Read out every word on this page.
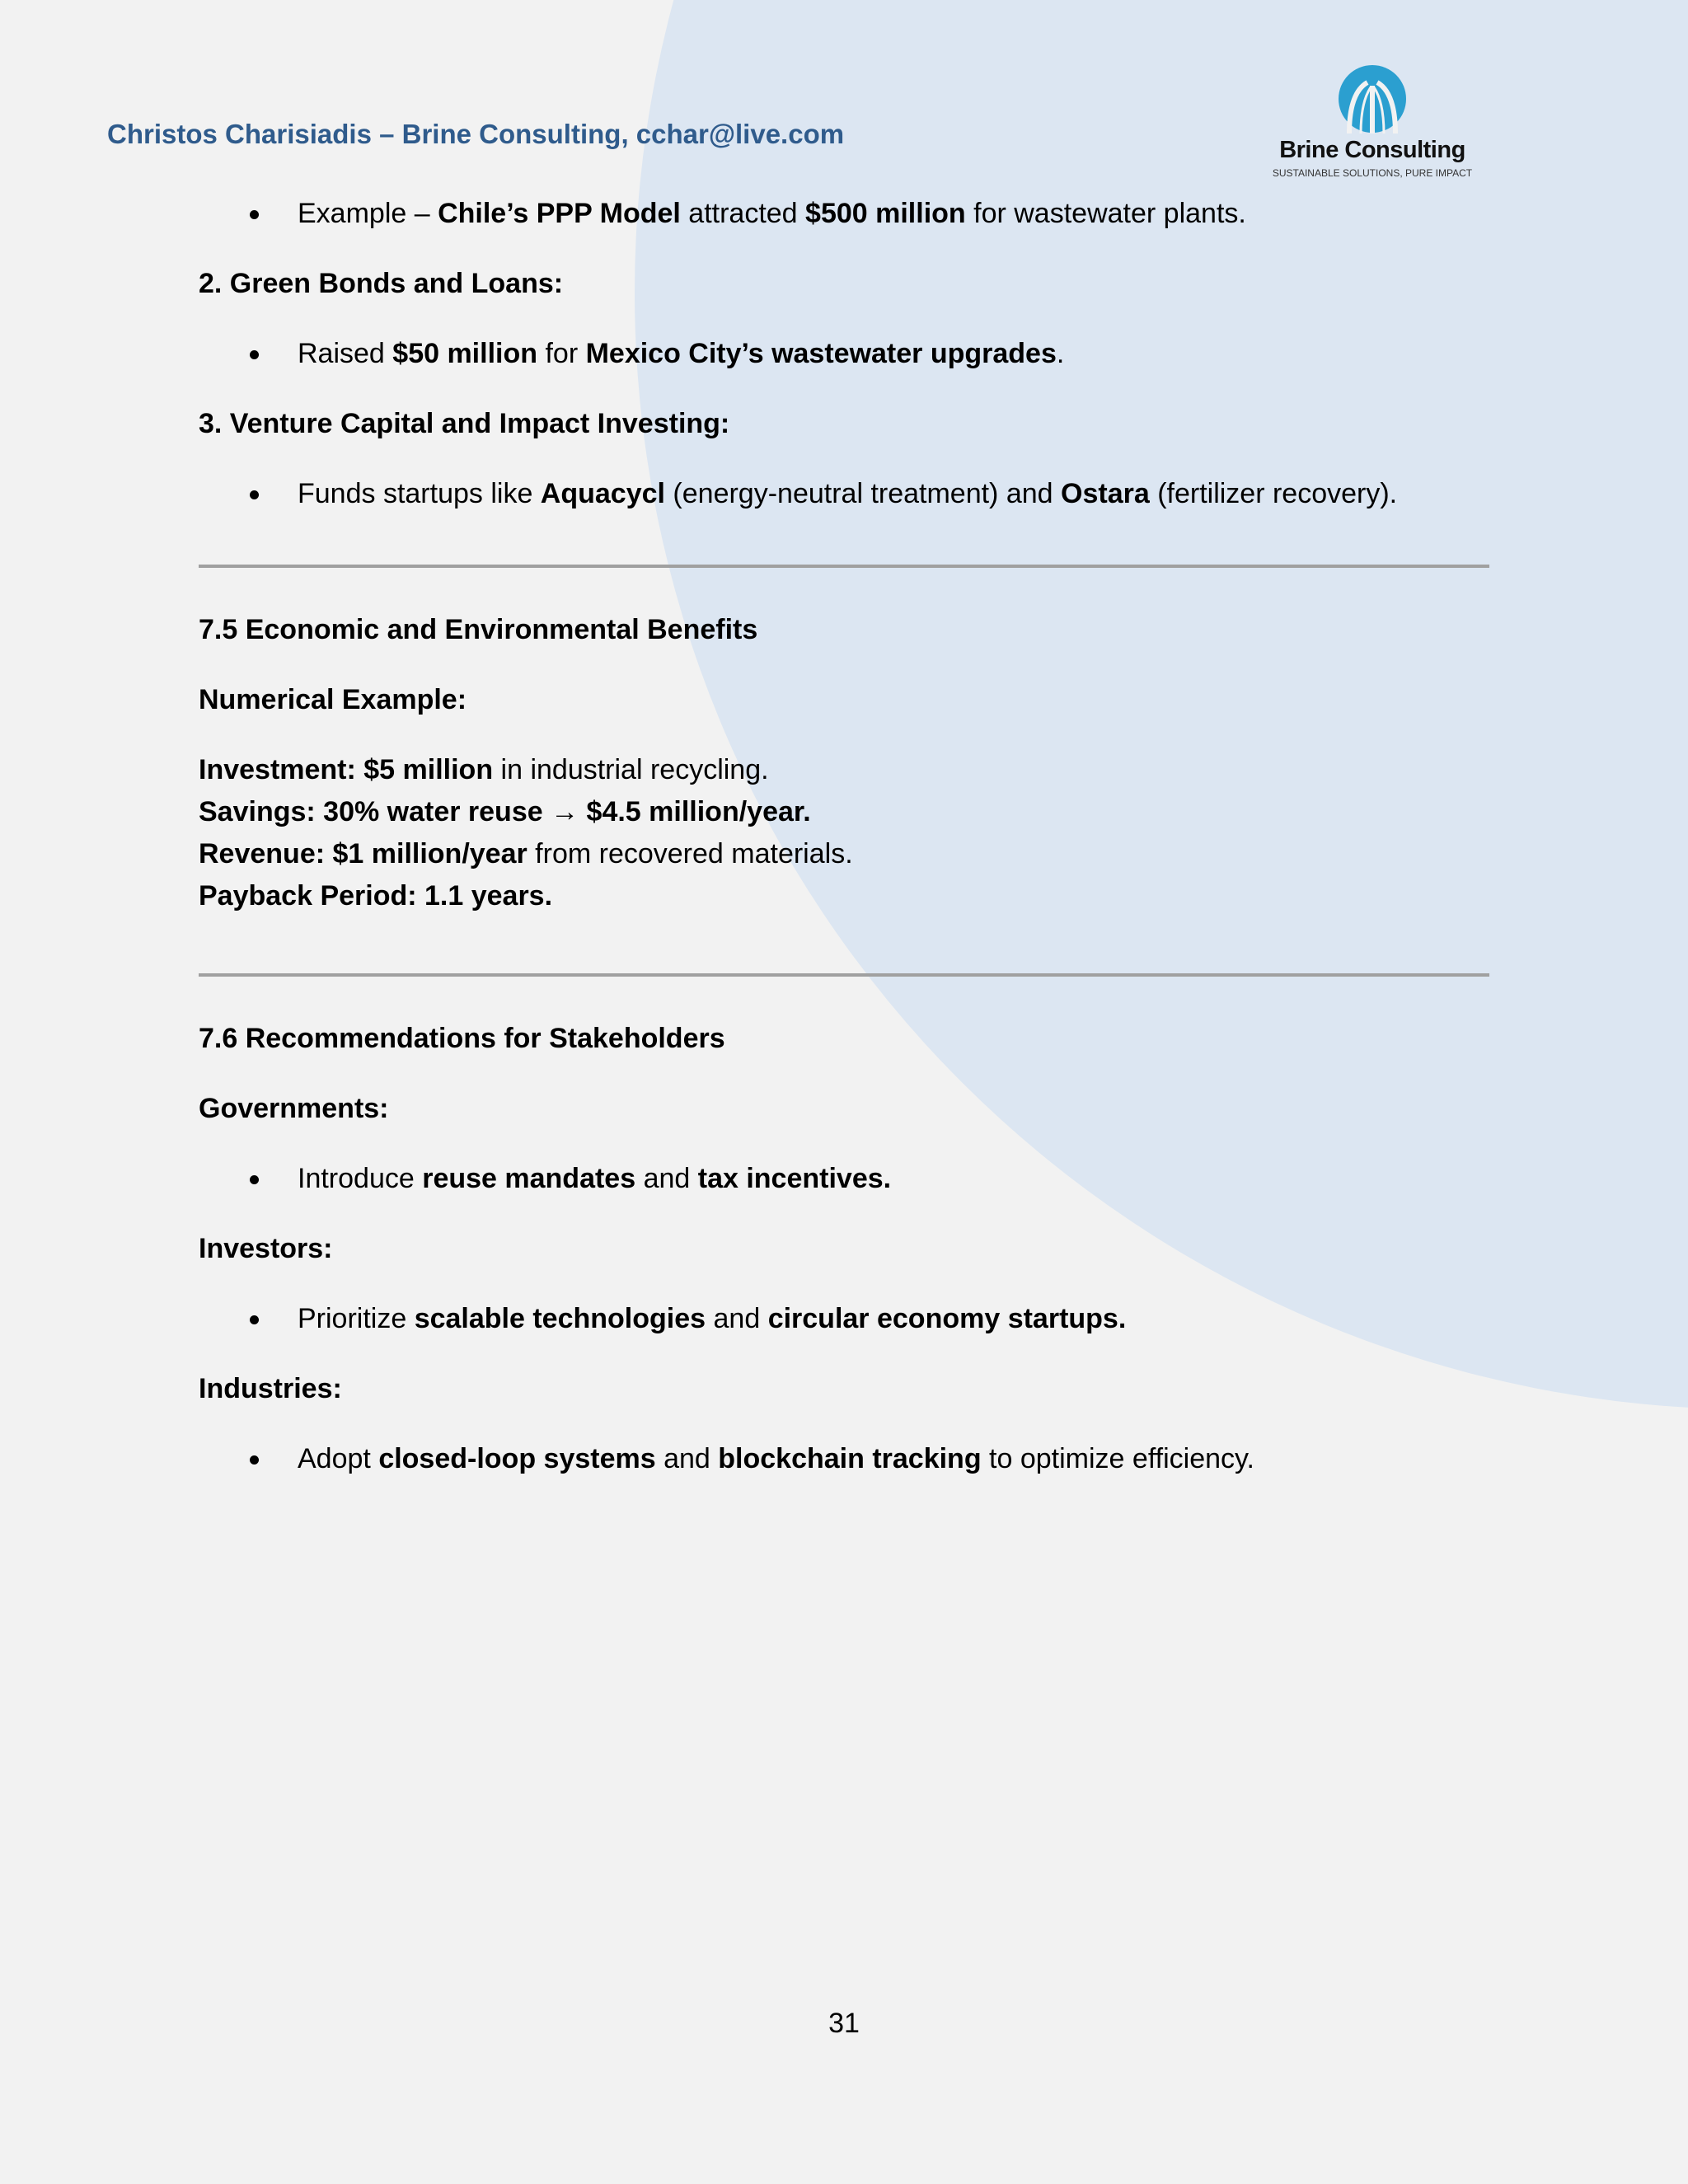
Christos Charisiadis – Brine Consulting, cchar@live.com
Brine Consulting
SUSTAINABLE SOLUTIONS, PURE IMPACT
Example – Chile’s PPP Model attracted $500 million for wastewater plants.
2. Green Bonds and Loans:
Raised $50 million for Mexico City’s wastewater upgrades.
3. Venture Capital and Impact Investing:
Funds startups like Aquacycl (energy-neutral treatment) and Ostara (fertilizer recovery).
7.5 Economic and Environmental Benefits
Numerical Example:

Investment: $5 million in industrial recycling.

Savings: 30% water reuse → $4.5 million/year.

Revenue: $1 million/year from recovered materials.

Payback Period: 1.1 years.

7.6 Recommendations for Stakeholders
Governments:
Introduce reuse mandates and tax incentives.
Investors:
Prioritize scalable technologies and circular economy startups.
Industries:
Adopt closed-loop systems and blockchain tracking to optimize efficiency.
31
